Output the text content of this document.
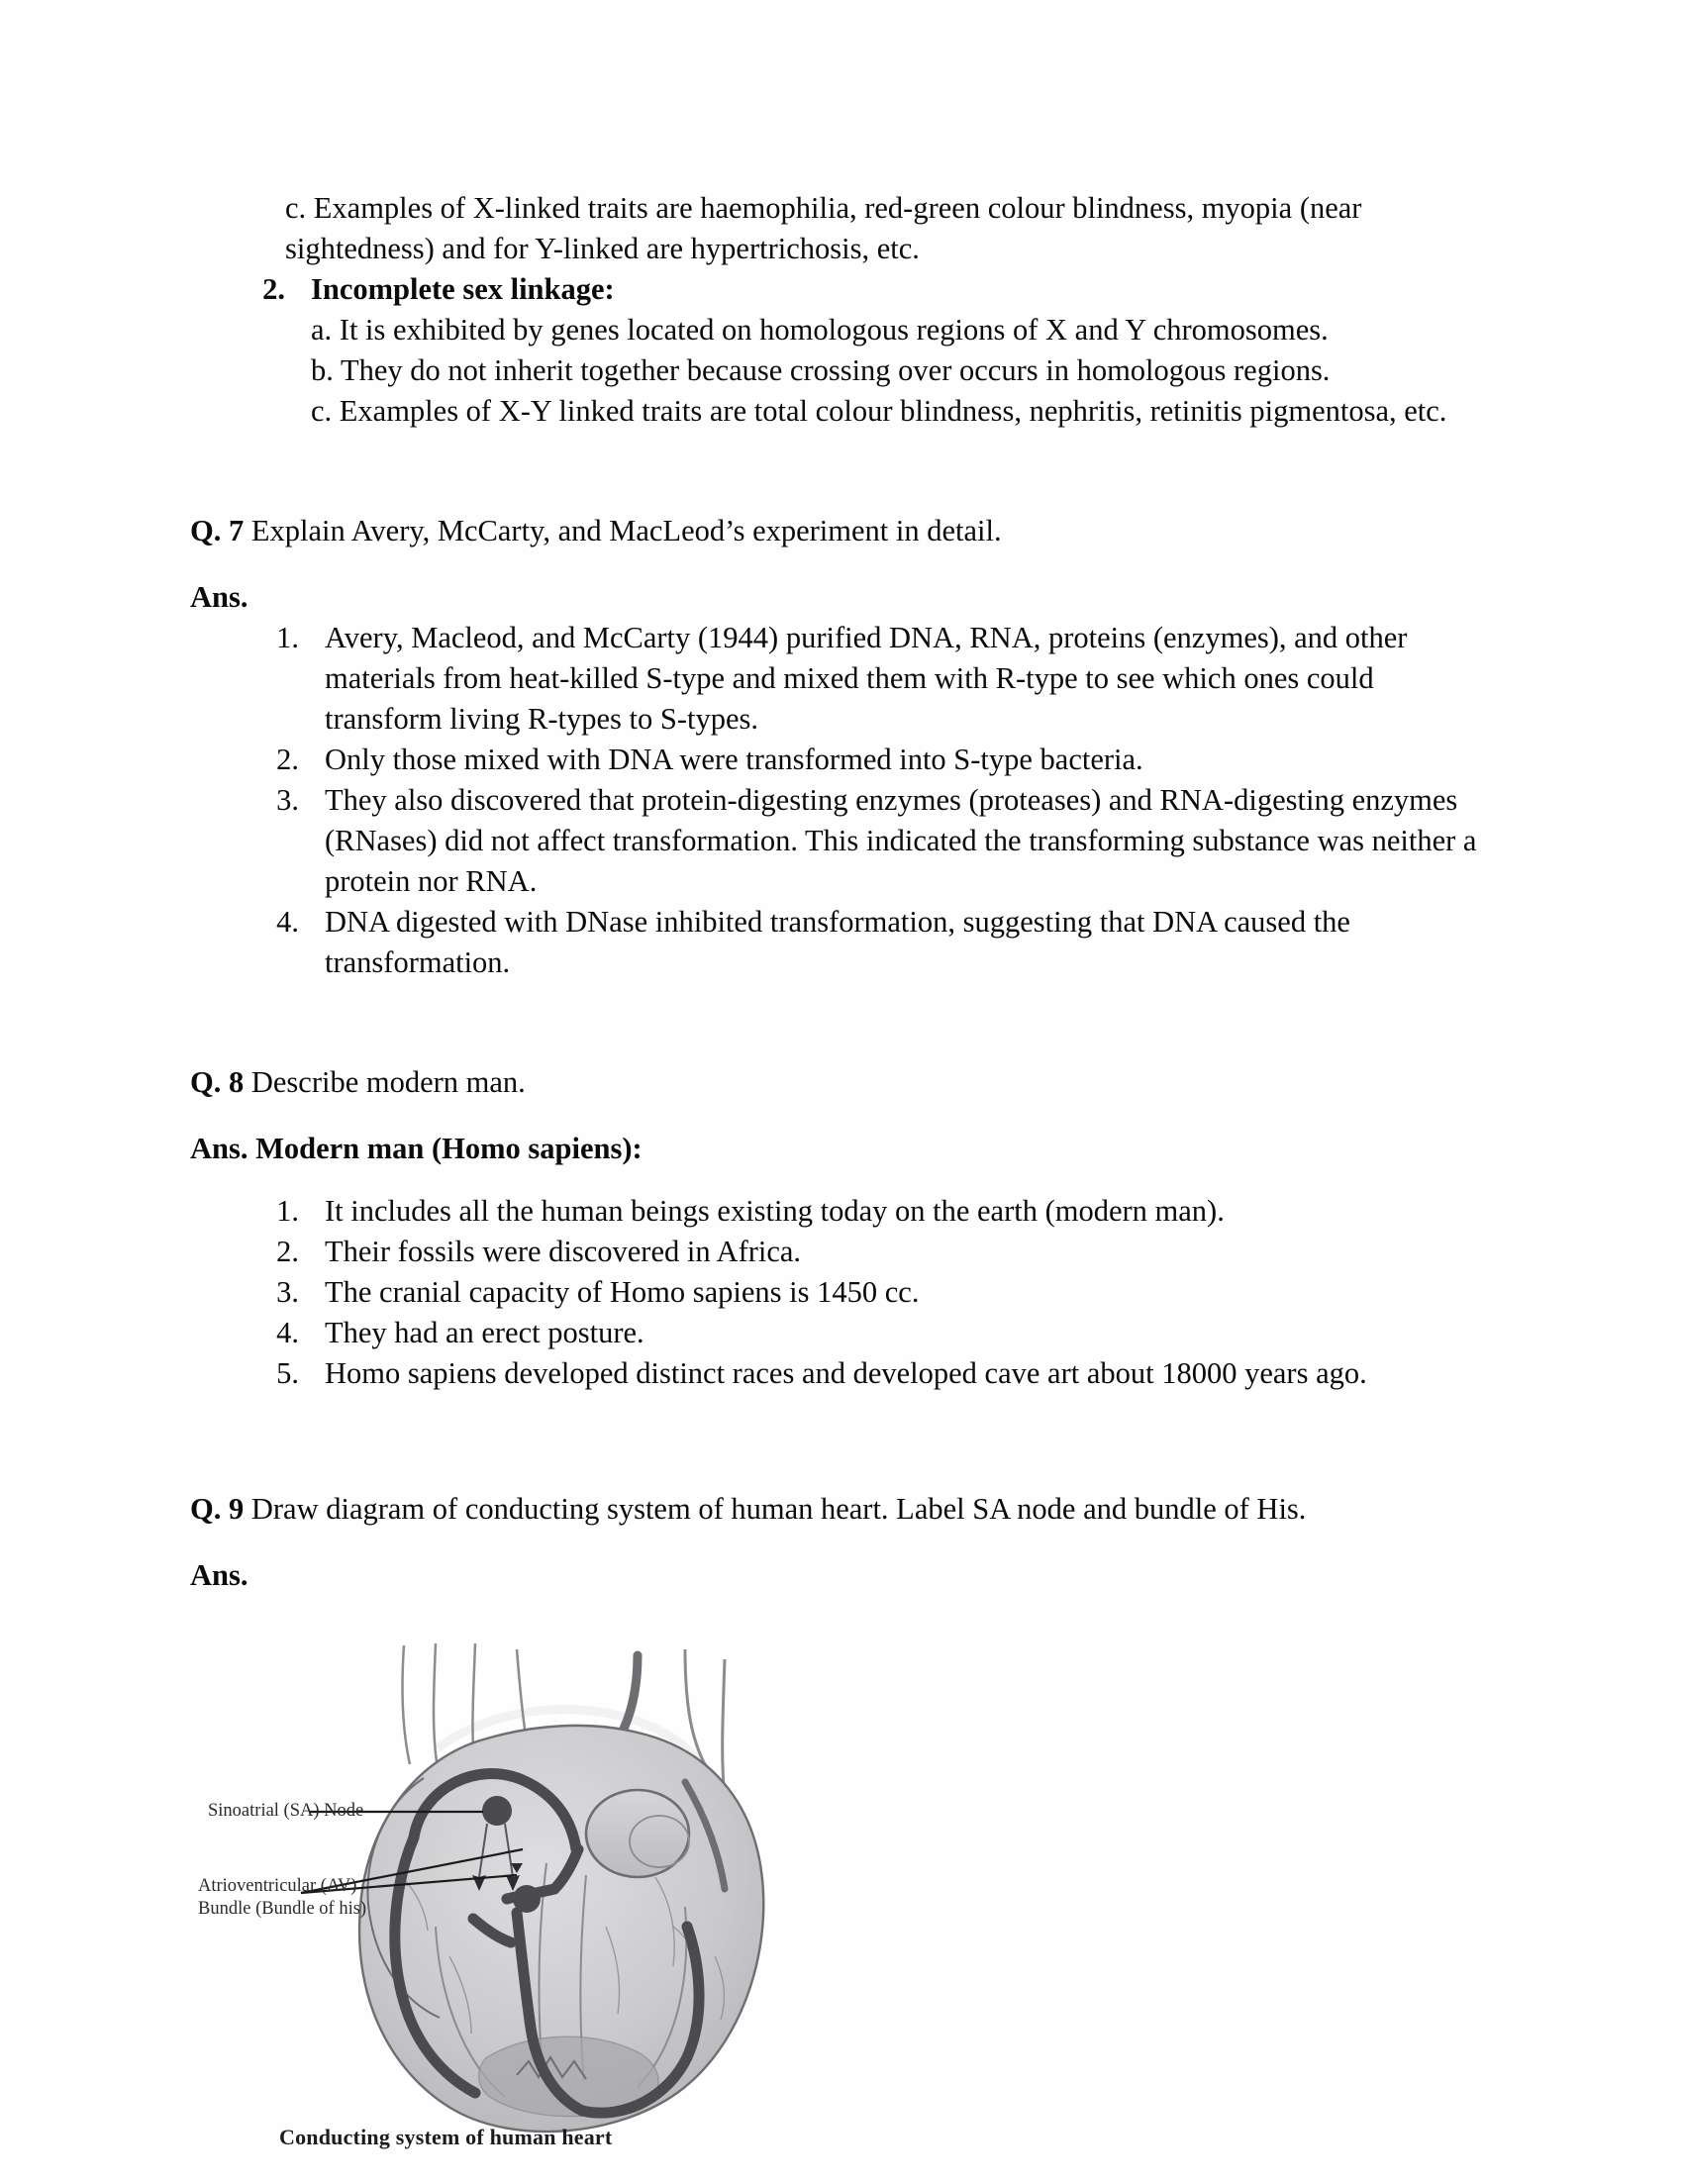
c. Examples of X-linked traits are haemophilia, red-green colour blindness, myopia (near sightedness) and for Y-linked are hypertrichosis, etc.
2. Incomplete sex linkage:
a. It is exhibited by genes located on homologous regions of X and Y chromosomes.
b. They do not inherit together because crossing over occurs in homologous regions.
c. Examples of X-Y linked traits are total colour blindness, nephritis, retinitis pigmentosa, etc.
Q. 7 Explain Avery, McCarty, and MacLeod’s experiment in detail.
Ans.
1. Avery, Macleod, and McCarty (1944) purified DNA, RNA, proteins (enzymes), and other materials from heat-killed S-type and mixed them with R-type to see which ones could transform living R-types to S-types.
2. Only those mixed with DNA were transformed into S-type bacteria.
3. They also discovered that protein-digesting enzymes (proteases) and RNA-digesting enzymes (RNases) did not affect transformation. This indicated the transforming substance was neither a protein nor RNA.
4. DNA digested with DNase inhibited transformation, suggesting that DNA caused the transformation.
Q. 8 Describe modern man.
Ans. Modern man (Homo sapiens):
1. It includes all the human beings existing today on the earth (modern man).
2. Their fossils were discovered in Africa.
3. The cranial capacity of Homo sapiens is 1450 cc.
4. They had an erect posture.
5. Homo sapiens developed distinct races and developed cave art about 18000 years ago.
Q. 9 Draw diagram of conducting system of human heart. Label SA node and bundle of His.
Ans.
Sinoatrial (SA) Node
Atrioventricular (AV)
Bundle (Bundle of his)
Conducting system of human heart
